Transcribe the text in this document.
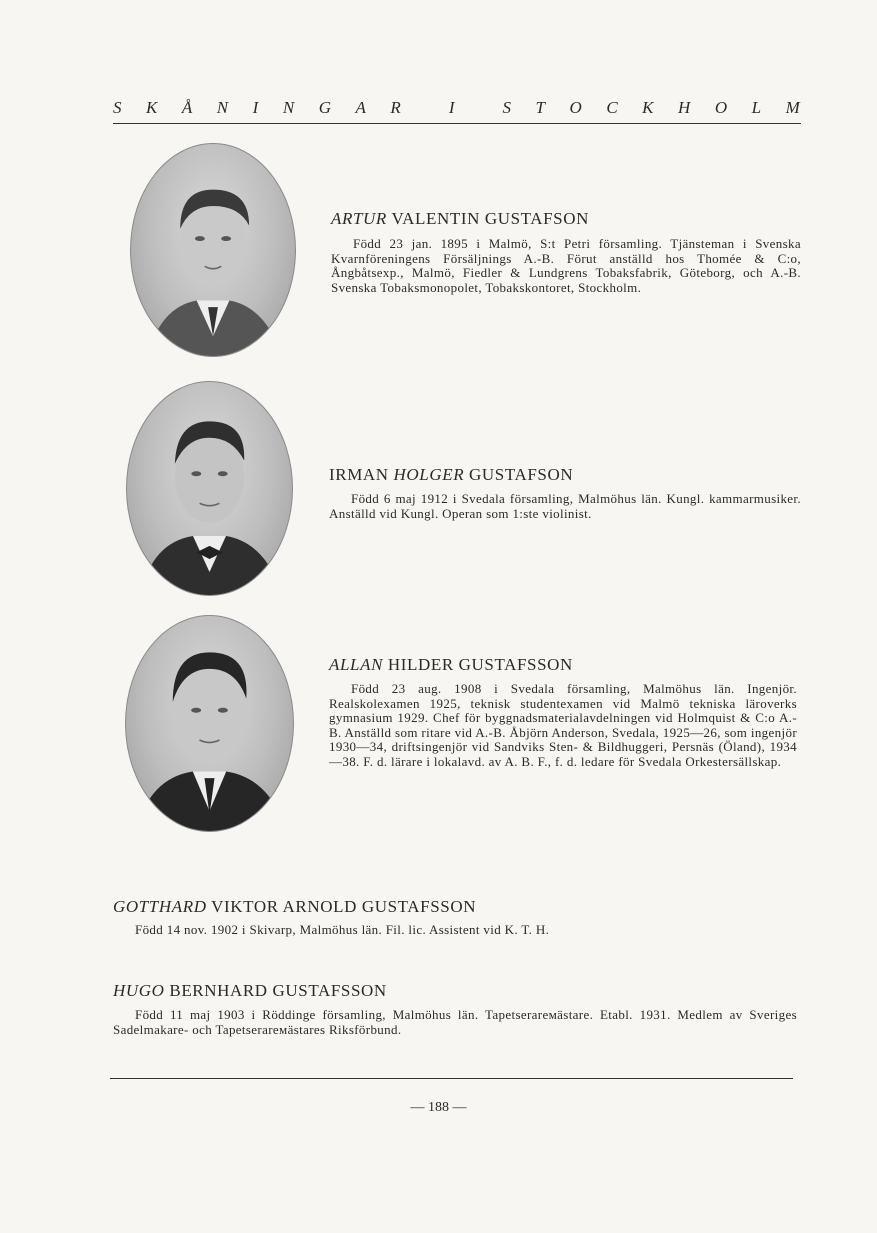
S K Å N I N G A R	I	S T O C K H O L M
ARTUR VALENTIN GUSTAFSON
Född 23 jan. 1895 i Malmö, S:t Petri församling. Tjänsteman i Svenska Kvarnföreningens Försäljnings A.-B. Förut anställd hos Thomée & C:o, Ångbåtsexp., Malmö, Fiedler & Lundgrens Tobaksfabrik, Göteborg, och A.-B. Svenska Tobaksmonopolet, Tobakskontoret, Stockholm.
IRMAN HOLGER GUSTAFSON
Född 6 maj 1912 i Svedala församling, Malmöhus län. Kungl. kammarmusiker. Anställd vid Kungl. Operan som 1:ste violinist.
ALLAN HILDER GUSTAFSSON
Född 23 aug. 1908 i Svedala församling, Malmöhus län. Ingenjör. Realskolexamen 1925, teknisk studentexamen vid Malmö tekniska läroverks gymnasium 1929. Chef för byggnadsmaterialavdelningen vid Holmquist & C:o A.-B. Anställd som ritare vid A.-B. Åbjörn Anderson, Svedala, 1925—26, som ingenjör 1930—34, driftsingenjör vid Sandviks Sten- & Bildhuggeri, Persnäs (Öland), 1934—38. F. d. lärare i lokalavd. av A. B. F., f. d. ledare för Svedala Orkestersällskap.
GOTTHARD VIKTOR ARNOLD GUSTAFSSON
Född 14 nov. 1902 i Skivarp, Malmöhus län. Fil. lic. Assistent vid K. T. H.
HUGO BERNHARD GUSTAFSSON
Född 11 maj 1903 i Röddinge församling, Malmöhus län. Tapetserarемästare. Etabl. 1931. Medlem av Sveriges Sadelmakare- och Tapetserarемästares Riksförbund.
— 188 —
